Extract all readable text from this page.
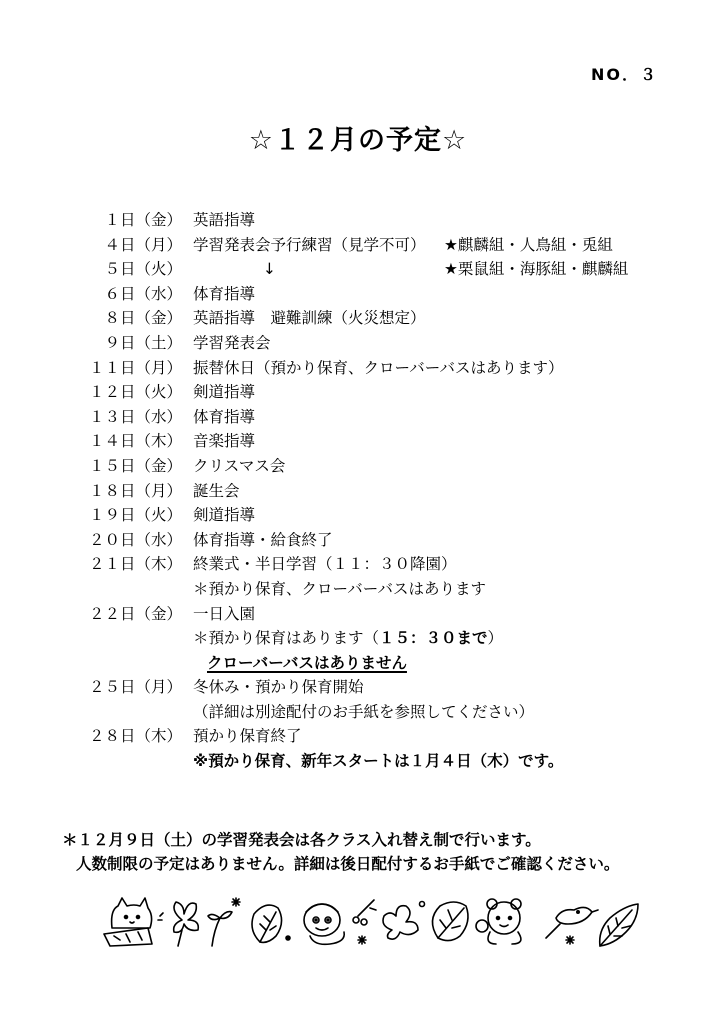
NO．３
☆１２月の予定☆
１日（金） 英語指導
４日（月） 学習発表会予行練習（見学不可） ★麒麟組・人鳥組・兎組
５日（火）	↓	★栗鼠組・海豚組・麒麟組
６日（水） 体育指導
８日（金） 英語指導　避難訓練（火災想定）
９日（土） 学習発表会
１１日（月） 振替休日（預かり保育、クローバーバスはあります）
１２日（火） 剣道指導
１３日（水） 体育指導
１４日（木） 音楽指導
１５日（金） クリスマス会
１８日（月） 誕生会
１９日（火） 剣道指導
２０日（水） 体育指導・給食終了
２１日（木） 終業式・半日学習（１１：３０降園）
＊預かり保育、クローバーバスはあります
２２日（金） 一日入園
＊預かり保育はあります（１５：３０まで）
クローバーバスはありません
２５日（月） 冬休み・預かり保育開始
（詳細は別途配付のお手紙を参照してください）
２８日（木） 預かり保育終了
※預かり保育、新年スタートは１月４日（木）です。
＊１２月９日（土）の学習発表会は各クラス入れ替え制で行います。
人数制限の予定はありません。詳細は後日配付するお手紙でご確認ください。
